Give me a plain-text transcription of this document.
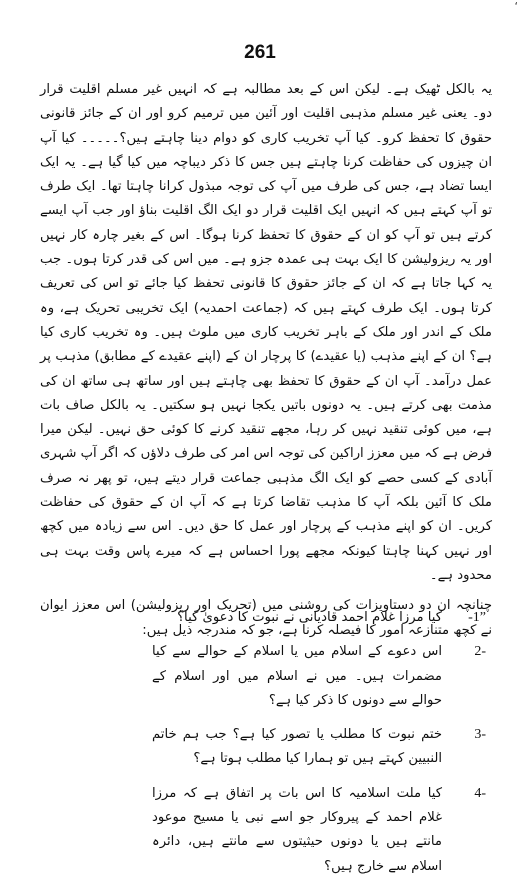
‘
261

یہ بالکل ٹھیک ہے۔ لیکن اس کے بعد مطالبہ ہے کہ انہیں غیر مسلم اقلیت قرار دو۔ یعنی غیر مسلم مذہبی اقلیت اور آئین میں ترمیم کرو اور ان کے جائز قانونی حقوق کا تحفظ کرو۔ کیا آپ تخریب کاری کو دوام دینا چاہتے ہیں؟۔۔۔۔۔ کیا آپ ان چیزوں کی حفاظت کرنا چاہتے ہیں جس کا ذکر دیباچہ میں کیا گیا ہے۔ یہ ایک ایسا تضاد ہے، جس کی طرف میں آپ کی توجہ مبذول کرانا چاہتا تھا۔ ایک طرف تو آپ کہتے ہیں کہ انہیں ایک اقلیت قرار دو ایک الگ اقلیت بناؤ اور جب آپ ایسے کرتے ہیں تو آپ کو ان کے حقوق کا تحفظ کرنا ہوگا۔ اس کے بغیر چارہ کار نہیں اور یہ ریزولیشن کا ایک بہت ہی عمدہ جزو ہے۔ میں اس کی قدر کرتا ہوں۔ جب یہ کہا جاتا ہے کہ ان کے جائز حقوق کا قانونی تحفظ کیا جائے تو اس کی تعریف کرتا ہوں۔ ایک طرف کہتے ہیں کہ (جماعت احمدیہ) ایک تخریبی تحریک ہے، وہ ملک کے اندر اور ملک کے باہر تخریب کاری میں ملوث ہیں۔ وہ تخریب کاری کیا ہے؟ ان کے اپنے مذہب (یا عقیدے) کا پرچار ان کے (اپنے عقیدے کے مطابق) مذہب پر عمل درآمد۔ آپ ان کے حقوق کا تحفظ بھی چاہتے ہیں اور ساتھ ہی ساتھ ان کی مذمت بھی کرتے ہیں۔ یہ دونوں باتیں یکجا نہیں ہو سکتیں۔ یہ بالکل صاف بات ہے، میں کوئی تنقید نہیں کر رہا، مجھے تنقید کرنے کا کوئی حق نہیں۔ لیکن میرا فرض ہے کہ میں معزز اراکین کی توجہ اس امر کی طرف دلاؤں کہ اگر آپ شہری آبادی کے کسی حصے کو ایک الگ مذہبی جماعت قرار دیتے ہیں، تو پھر نہ صرف ملک کا آئین بلکہ آپ کا مذہب تقاضا کرتا ہے کہ آپ ان کے حقوق کی حفاظت کریں۔ ان کو اپنے مذہب کے پرچار اور عمل کا حق دیں۔ اس سے زیادہ میں کچھ اور نہیں کہنا چاہتا کیونکہ مجھے پورا احساس ہے کہ میرے پاس وقت بہت ہی محدود ہے۔

چنانچہ ان دو دستاویزات کی روشنی میں (تحریک اور ریزولیشن) اس معزز ایوان نے کچھ متنازعہ امور کا فیصلہ کرنا ہے، جو کہ مندرجہ ذیل ہیں:

”1-
کیا مرزا غلام احمد قادیانی نے نبوت کا دعویٰ کیا؟
-2
اس دعوے کے اسلام میں یا اسلام کے حوالے سے کیا مضمرات ہیں۔ میں نے اسلام میں اور اسلام کے حوالے سے دونوں کا ذکر کیا ہے؟
-3
ختم نبوت کا مطلب یا تصور کیا ہے؟ جب ہم خاتم النبیین کہتے ہیں تو ہمارا کیا مطلب ہوتا ہے؟
-4
کیا ملت اسلامیہ کا اس بات پر اتفاق ہے کہ مرزا غلام احمد کے پیروکار جو اسے نبی یا مسیح موعود مانتے ہیں یا دونوں حیثیتوں سے مانتے ہیں، دائرہ اسلام سے خارج ہیں؟
